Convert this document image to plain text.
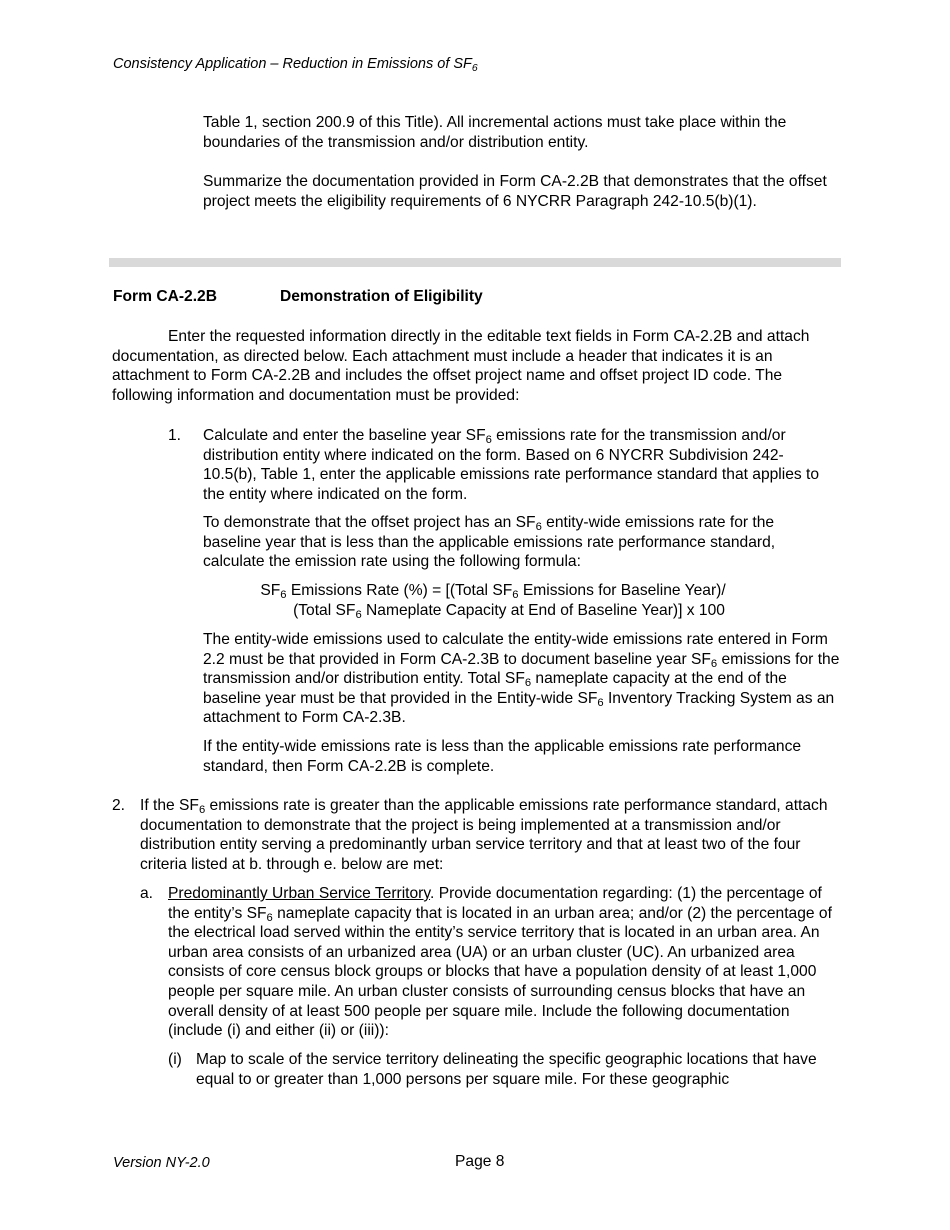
Consistency Application – Reduction in Emissions of $SF_6$

Table 1, section 200.9 of this Title). All incremental actions must take place within the boundaries of the transmission and/or distribution entity.

Summarize the documentation provided in Form CA-2.2B that demonstrates that the offset project meets the eligibility requirements of 6 NYCRR Paragraph 242-10.5(b)(1).

Form CA-2.2B	Demonstration of Eligibility
Enter the requested information directly in the editable text fields in Form CA-2.2B and attach documentation, as directed below. Each attachment must include a header that indicates it is an attachment to Form CA-2.2B and includes the offset project name and offset project ID code. The following information and documentation must be provided:
1. Calculate and enter the baseline year $SF_6$ emissions rate for the transmission and/or distribution entity where indicated on the form. Based on 6 NYCRR Subdivision 242-10.5(b), Table 1, enter the applicable emissions rate performance standard that applies to the entity where indicated on the form.
To demonstrate that the offset project has an $SF_6$ entity-wide emissions rate for the baseline year that is less than the applicable emissions rate performance standard, calculate the emission rate using the following formula:
$SF_6$ Emissions Rate (%) = [(Total $SF_6$ Emissions for Baseline Year)/
(Total $SF_6$ Nameplate Capacity at End of Baseline Year)] x 100
The entity-wide emissions used to calculate the entity-wide emissions rate entered in Form 2.2 must be that provided in Form CA-2.3B to document baseline year $SF_6$ emissions for the transmission and/or distribution entity. Total $SF_6$ nameplate capacity at the end of the baseline year must be that provided in the Entity-wide $SF_6$ Inventory Tracking System as an attachment to Form CA-2.3B.
If the entity-wide emissions rate is less than the applicable emissions rate performance standard, then Form CA-2.2B is complete.
2. If the $SF_6$ emissions rate is greater than the applicable emissions rate performance standard, attach documentation to demonstrate that the project is being implemented at a transmission and/or distribution entity serving a predominantly urban service territory and that at least two of the four criteria listed at b. through e. below are met:
a. Predominantly Urban Service Territory. Provide documentation regarding: (1) the percentage of the entity’s $SF_6$ nameplate capacity that is located in an urban area; and/or (2) the percentage of the electrical load served within the entity’s service territory that is located in an urban area. An urban area consists of an urbanized area (UA) or an urban cluster (UC). An urbanized area consists of core census block groups or blocks that have a population density of at least 1,000 people per square mile. An urban cluster consists of surrounding census blocks that have an overall density of at least 500 people per square mile. Include the following documentation (include (i) and either (ii) or (iii)):
(i) Map to scale of the service territory delineating the specific geographic locations that have equal to or greater than 1,000 persons per square mile. For these geographic
Version NY-2.0	Page 8
